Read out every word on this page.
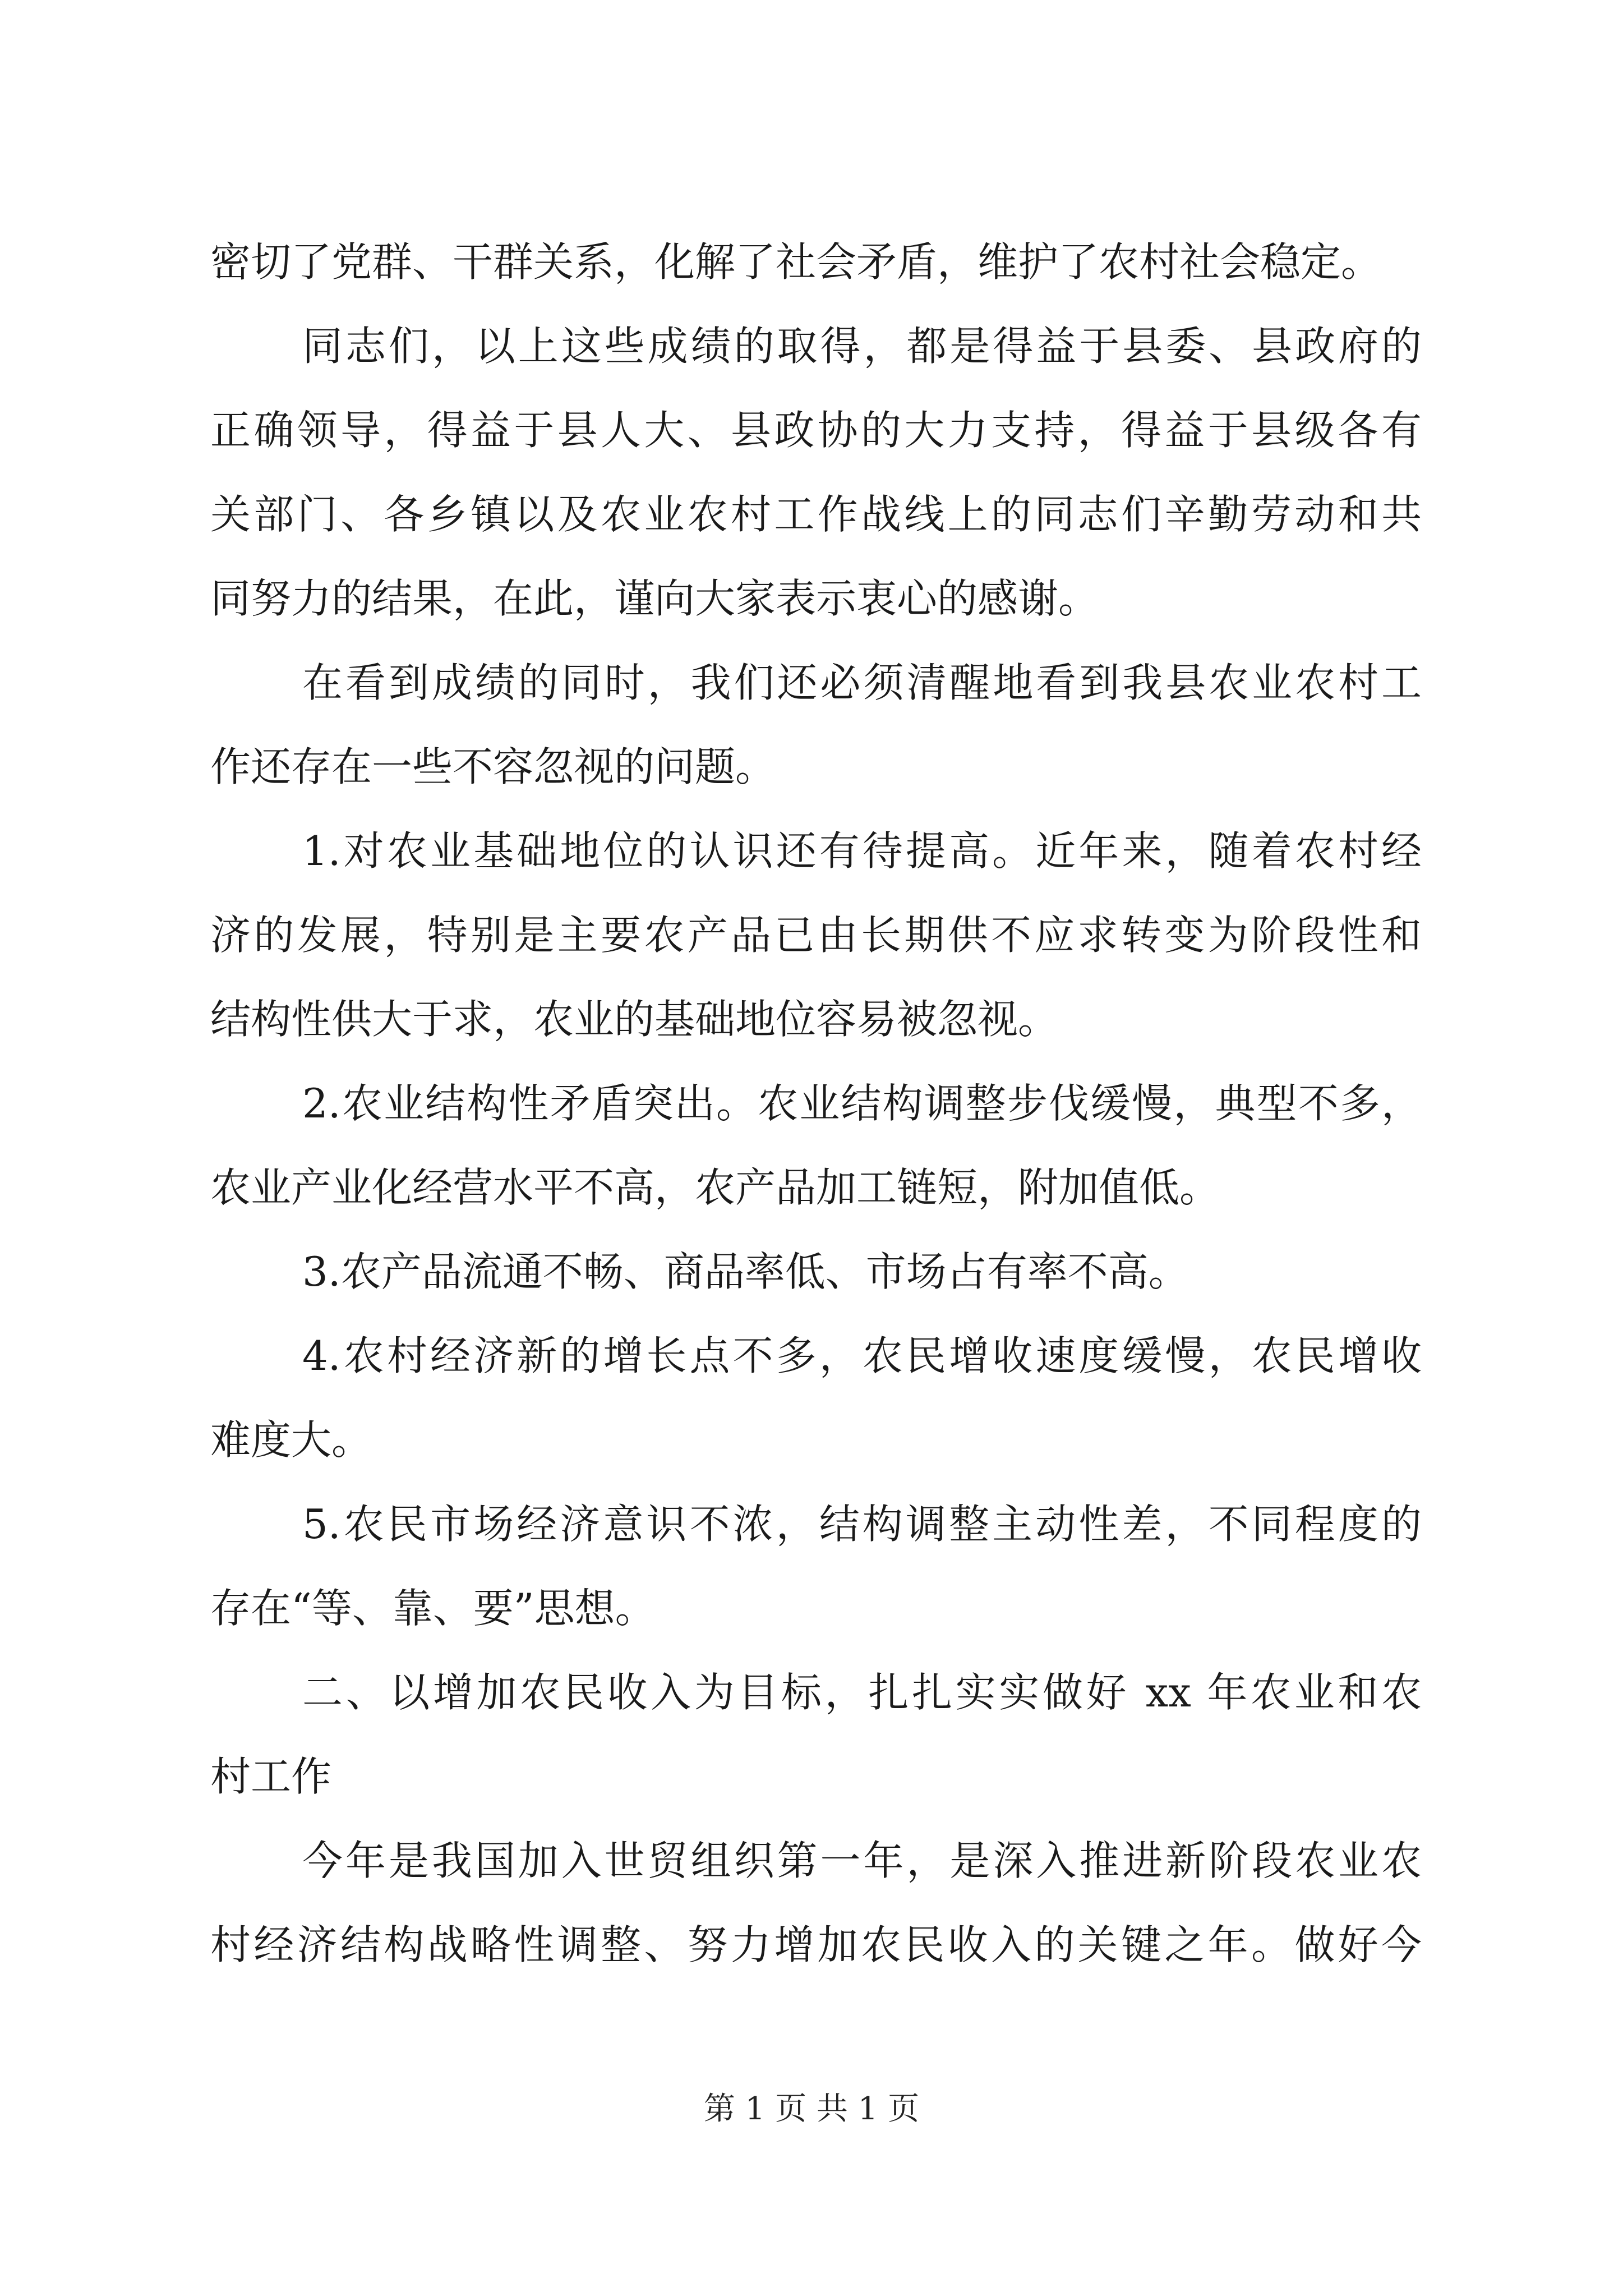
密切了党群、干群关系，化解了社会矛盾，维护了农村社会稳定。
同志们，以上这些成绩的取得，都是得益于县委、县政府的
正确领导，得益于县人大、县政协的大力支持，得益于县级各有
关部门、各乡镇以及农业农村工作战线上的同志们辛勤劳动和共
同努力的结果，在此，谨向大家表示衷心的感谢。
在看到成绩的同时，我们还必须清醒地看到我县农业农村工
作还存在一些不容忽视的问题。
1.对农业基础地位的认识还有待提高。近年来，随着农村经
济的发展，特别是主要农产品已由长期供不应求转变为阶段性和
结构性供大于求，农业的基础地位容易被忽视。
2.农业结构性矛盾突出。农业结构调整步伐缓慢，典型不多，
农业产业化经营水平不高，农产品加工链短，附加值低。
3.农产品流通不畅、商品率低、市场占有率不高。
4.农村经济新的增长点不多，农民增收速度缓慢，农民增收
难度大。
5.农民市场经济意识不浓，结构调整主动性差，不同程度的
存在“等、靠、要”思想。
二、以增加农民收入为目标，扎扎实实做好 xx 年农业和农
村工作
今年是我国加入世贸组织第一年，是深入推进新阶段农业农
村经济结构战略性调整、努力增加农民收入的关键之年。做好今
第 1 页 共 1 页
